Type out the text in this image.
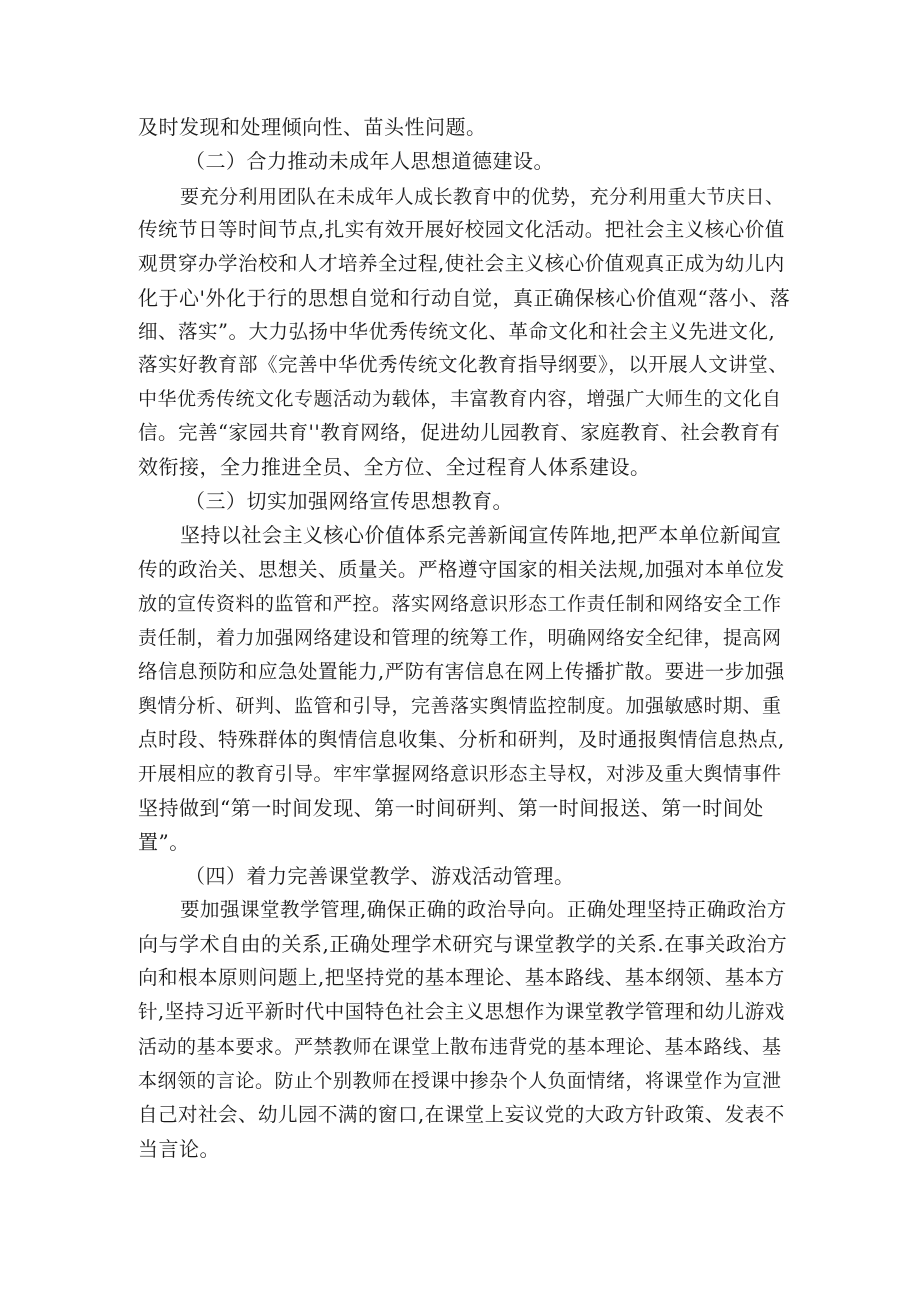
及时发现和处理倾向性、苗头性问题。
（二）合力推动未成年人思想道德建设。
要充分利用团队在未成年人成长教育中的优势，充分利用重大节庆日、
传统节日等时间节点,扎实有效开展好校园文化活动。把社会主义核心价值
观贯穿办学治校和人才培养全过程,使社会主义核心价值观真正成为幼儿内
化于心'外化于行的思想自觉和行动自觉，真正确保核心价值观“落小、落
细、落实”。大力弘扬中华优秀传统文化、革命文化和社会主义先进文化,
落实好教育部《完善中华优秀传统文化教育指导纲要》，以开展人文讲堂、
中华优秀传统文化专题活动为载体，丰富教育内容，增强广大师生的文化自
信。完善“家园共育''教育网络，促进幼儿园教育、家庭教育、社会教育有
效衔接，全力推进全员、全方位、全过程育人体系建设。
（三）切实加强网络宣传思想教育。
坚持以社会主义核心价值体系完善新闻宣传阵地,把严本单位新闻宣
传的政治关、思想关、质量关。严格遵守国家的相关法规,加强对本单位发
放的宣传资料的监管和严控。落实网络意识形态工作责任制和网络安全工作
责任制，着力加强网络建设和管理的统筹工作，明确网络安全纪律，提高网
络信息预防和应急处置能力,严防有害信息在网上传播扩散。要进一步加强
舆情分析、研判、监管和引导，完善落实舆情监控制度。加强敏感时期、重
点时段、特殊群体的舆情信息收集、分析和研判，及时通报舆情信息热点,
开展相应的教育引导。牢牢掌握网络意识形态主导权，对涉及重大舆情事件
坚持做到“第一时间发现、第一时间研判、第一时间报送、第一时间处
置”。
（四）着力完善课堂教学、游戏活动管理。
要加强课堂教学管理,确保正确的政治导向。正确处理坚持正确政治方
向与学术自由的关系,正确处理学术研究与课堂教学的关系.在事关政治方
向和根本原则问题上,把坚持党的基本理论、基本路线、基本纲领、基本方
针,坚持习近平新时代中国特色社会主义思想作为课堂教学管理和幼儿游戏
活动的基本要求。严禁教师在课堂上散布违背党的基本理论、基本路线、基
本纲领的言论。防止个别教师在授课中掺杂个人负面情绪，将课堂作为宣泄
自己对社会、幼儿园不满的窗口,在课堂上妄议党的大政方针政策、发表不
当言论。
